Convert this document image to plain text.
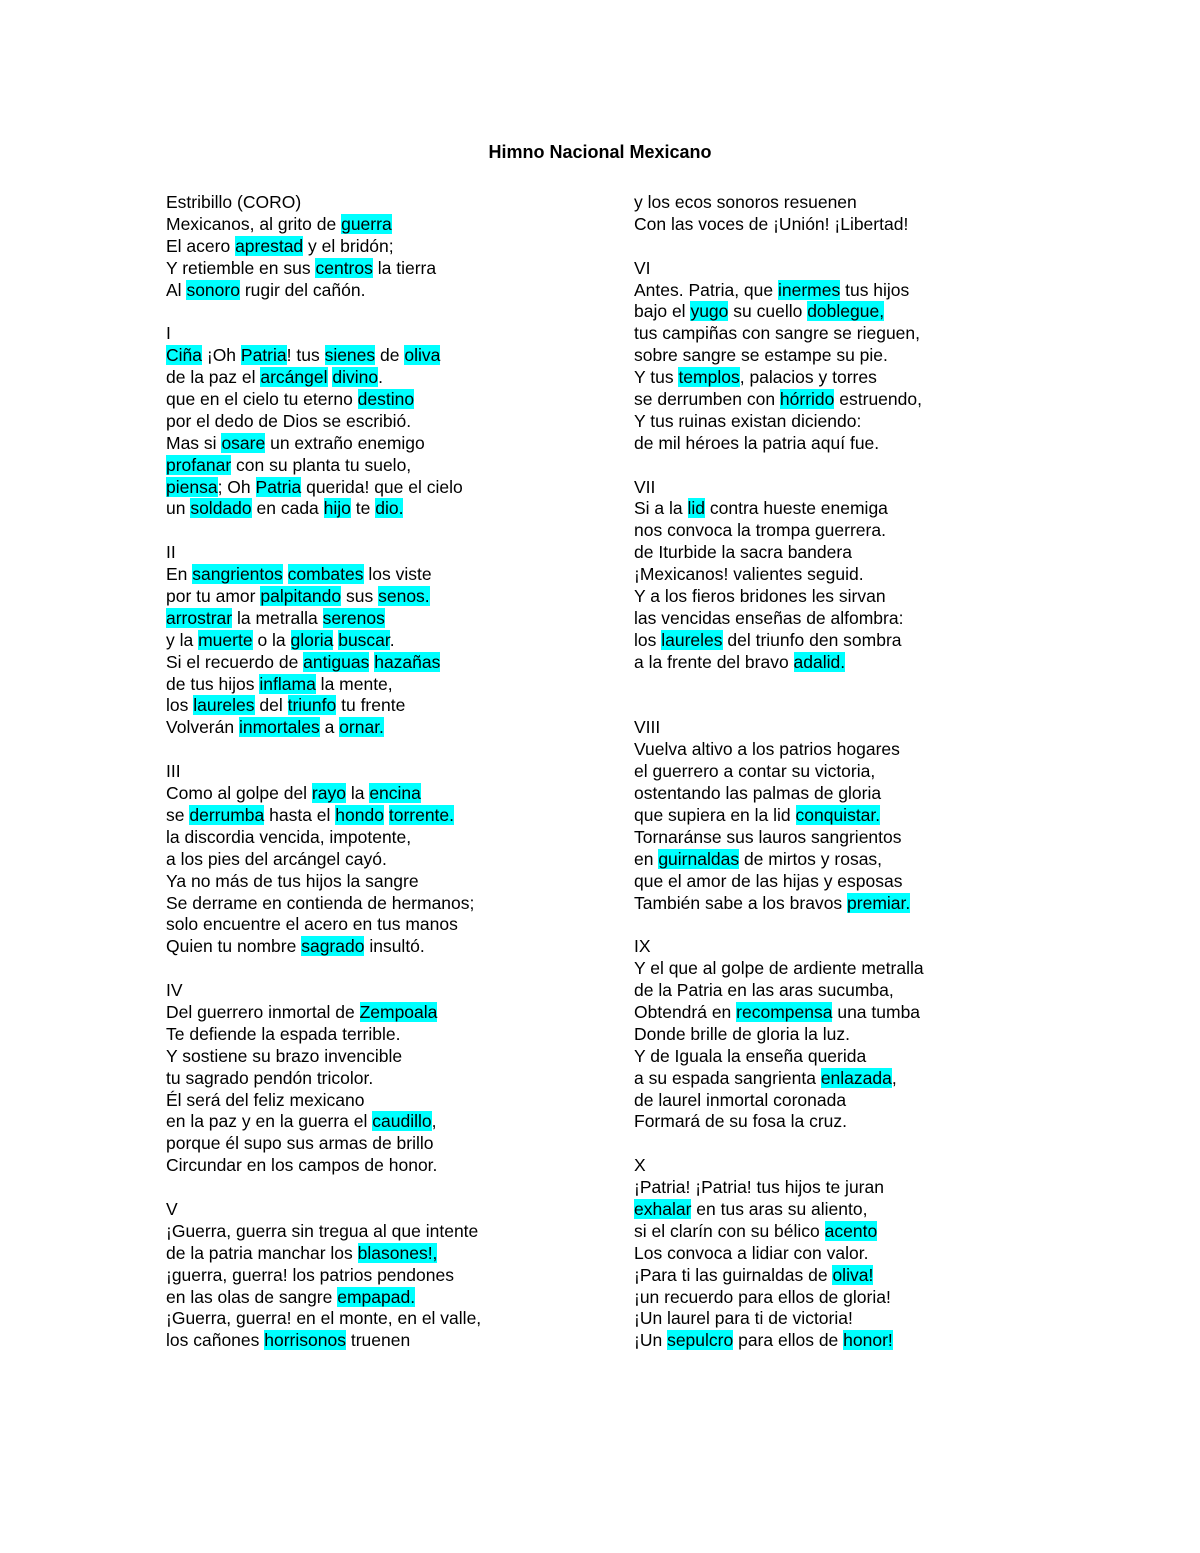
Himno Nacional Mexicano
Estribillo (CORO)
Mexicanos, al grito de guerra
El acero aprestad y el bridón;
Y retiemble en sus centros la tierra
Al sonoro rugir del cañón.
I
Ciña ¡Oh Patria! tus sienes de oliva
de la paz el arcángel divino.
que en el cielo tu eterno destino
por el dedo de Dios se escribió.
Mas si osare un extraño enemigo
profanar con su planta tu suelo,
piensa; Oh Patria querida! que el cielo
un soldado en cada hijo te dio.
II
En sangrientos combates los viste
por tu amor palpitando sus senos.
arrostrar la metralla serenos
y la muerte o la gloria buscar.
Si el recuerdo de antiguas hazañas
de tus hijos inflama la mente,
los laureles del triunfo tu frente
Volverán inmortales a ornar.
III
Como al golpe del rayo la encina
se derrumba hasta el hondo torrente.
la discordia vencida, impotente,
a los pies del arcángel cayó.
Ya no más de tus hijos la sangre
Se derrame en contienda de hermanos;
solo encuentre el acero en tus manos
Quien tu nombre sagrado insultó.
IV
Del guerrero inmortal de Zempoala
Te defiende la espada terrible.
Y sostiene su brazo invencible
tu sagrado pendón tricolor.
Él será del feliz mexicano
en la paz y en la guerra el caudillo,
porque él supo sus armas de brillo
Circundar en los campos de honor.
V
¡Guerra, guerra sin tregua al que intente
de la patria manchar los blasones!,
¡guerra, guerra! los patrios pendones
en las olas de sangre empapad.
¡Guerra, guerra! en el monte, en el valle,
los cañones horrisonos truenen
y los ecos sonoros resuenen
Con las voces de ¡Unión! ¡Libertad!
VI
Antes. Patria, que inermes tus hijos
bajo el yugo su cuello doblegue,
tus campiñas con sangre se rieguen,
sobre sangre se estampe su pie.
Y tus templos, palacios y torres
se derrumben con hórrido estruendo,
Y tus ruinas existan diciendo:
de mil héroes la patria aquí fue.
VII
Si a la lid contra hueste enemiga
nos convoca la trompa guerrera.
de Iturbide la sacra bandera
¡Mexicanos! valientes seguid.
Y a los fieros bridones les sirvan
las vencidas enseñas de alfombra:
los laureles del triunfo den sombra
a la frente del bravo adalid.
VIII
Vuelva altivo a los patrios hogares
el guerrero a contar su victoria,
ostentando las palmas de gloria
que supiera en la lid conquistar.
Tornaránse sus lauros sangrientos
en guirnaldas de mirtos y rosas,
que el amor de las hijas y esposas
También sabe a los bravos premiar.
IX
Y el que al golpe de ardiente metralla
de la Patria en las aras sucumba,
Obtendrá en recompensa una tumba
Donde brille de gloria la luz.
Y de Iguala la enseña querida
a su espada sangrienta enlazada,
de laurel inmortal coronada
Formará de su fosa la cruz.
X
¡Patria! ¡Patria! tus hijos te juran
exhalar en tus aras su aliento,
si el clarín con su bélico acento
Los convoca a lidiar con valor.
¡Para ti las guirnaldas de oliva!
¡un recuerdo para ellos de gloria!
¡Un laurel para ti de victoria!
¡Un sepulcro para ellos de honor!
